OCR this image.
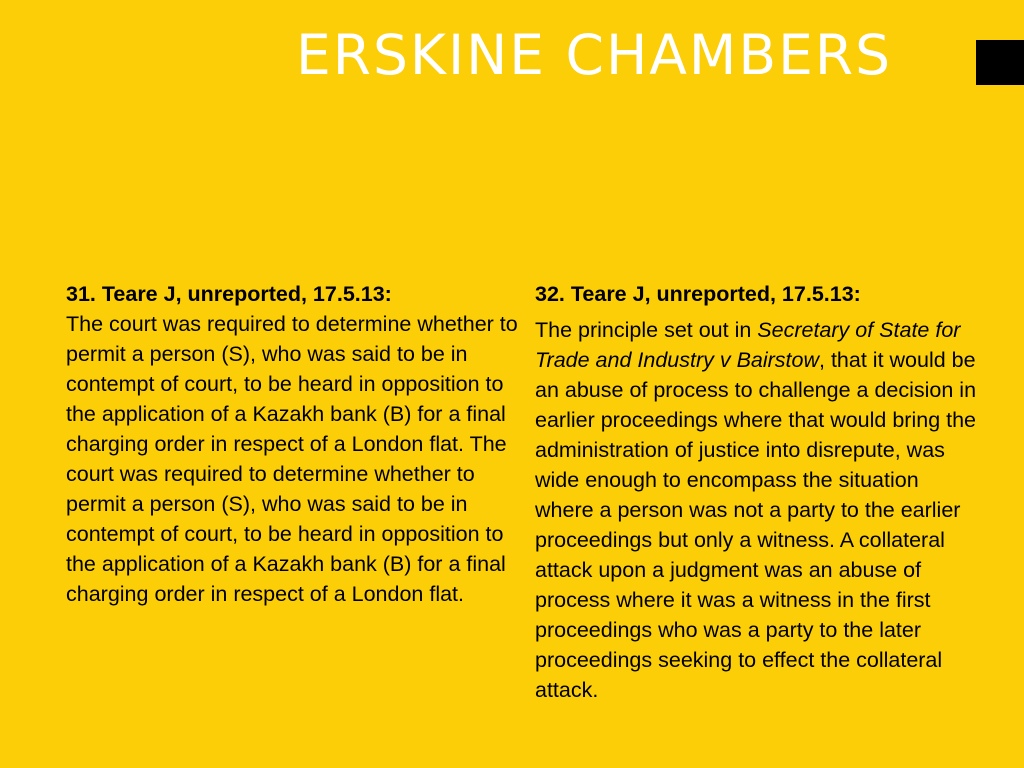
ERSKINE CHAMBERS
31. Teare J, unreported, 17.5.13:
The court was required to determine whether to permit a person (S), who was said to be in contempt of court, to be heard in opposition to the application of a Kazakh bank (B) for a final charging order in respect of a London flat. The court was required to determine whether to permit a person (S), who was said to be in contempt of court, to be heard in opposition to the application of a Kazakh bank (B) for a final charging order in respect of a London flat.
32. Teare J, unreported, 17.5.13:
The principle set out in Secretary of State for Trade and Industry v Bairstow, that it would be an abuse of process to challenge a decision in earlier proceedings where that would bring the administration of justice into disrepute, was wide enough to encompass the situation where a person was not a party to the earlier proceedings but only a witness. A collateral attack upon a judgment was an abuse of process where it was a witness in the first proceedings who was a party to the later proceedings seeking to effect the collateral attack.
